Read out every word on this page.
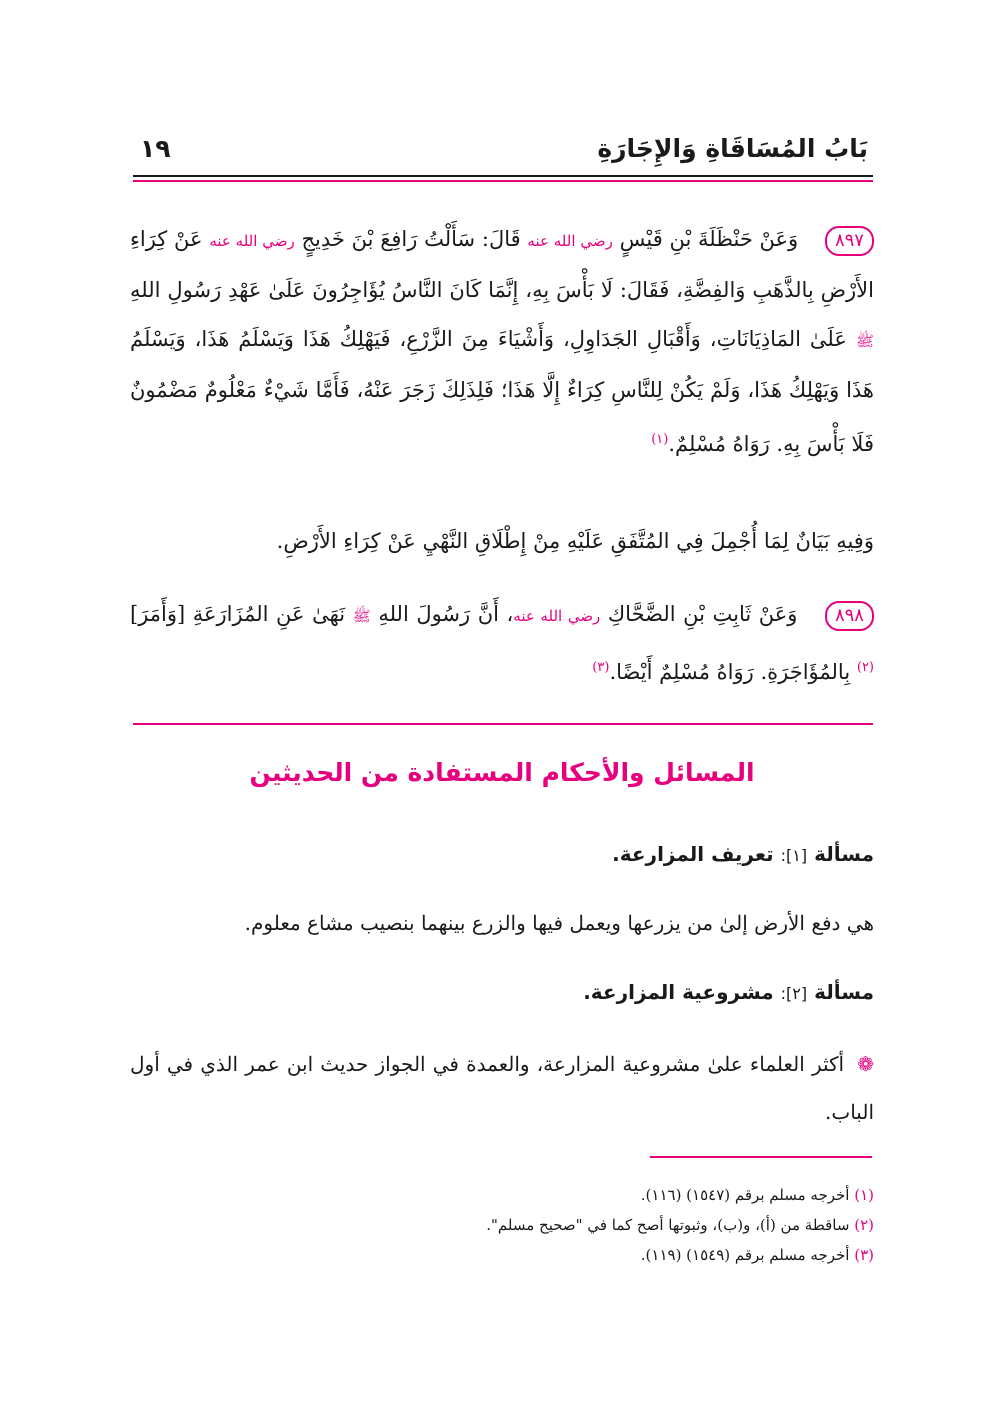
بَابُ المُسَاقَاةِ وَالإِجَارَةِ
١٩
٨٩٧ وَعَنْ حَنْظَلَةَ بْنِ قَيْسٍ رضي الله عنه قَالَ: سَأَلْتُ رَافِعَ بْنَ خَدِيجٍ رضي الله عنه عَنْ كِرَاءِ الأَرْضِ بِالذَّهَبِ وَالفِضَّةِ، فَقَالَ: لَا بَأْسَ بِهِ، إِنَّمَا كَانَ النَّاسُ يُؤَاجِرُونَ عَلَىٰ عَهْدِ رَسُولِ اللهِ ﷺ عَلَىٰ المَاذِيَانَاتِ، وَأَقْبَالِ الجَدَاوِلِ، وَأَشْيَاءَ مِنَ الزَّرْعِ، فَيَهْلِكُ هَذَا وَيَسْلَمُ هَذَا، وَيَسْلَمُ هَذَا وَيَهْلِكُ هَذَا، وَلَمْ يَكُنْ لِلنَّاسِ كِرَاءٌ إِلَّا هَذَا؛ فَلِذَلِكَ زَجَرَ عَنْهُ، فَأَمَّا شَيْءٌ مَعْلُومٌ مَضْمُونٌ فَلَا بَأْسَ بِهِ. رَوَاهُ مُسْلِمٌ.$^{(١)}$
وَفِيهِ بَيَانٌ لِمَا أُجْمِلَ فِي المُتَّفَقِ عَلَيْهِ مِنْ إِطْلَاقِ النَّهْيِ عَنْ كِرَاءِ الأَرْضِ.
٨٩٨ وَعَنْ ثَابِتِ بْنِ الضَّحَّاكِ رضي الله عنه، أَنَّ رَسُولَ اللهِ ﷺ نَهَىٰ عَنِ المُزَارَعَةِ [وَأَمَرَ]$^{(٢)}$ بِالمُؤَاجَرَةِ. رَوَاهُ مُسْلِمٌ أَيْضًا.$^{(٣)}$
المسائل والأحكام المستفادة من الحديثين
مسألة [١]: تعريف المزارعة.
هي دفع الأرض إلىٰ من يزرعها ويعمل فيها والزرع بينهما بنصيب مشاع معلوم.
مسألة [٢]: مشروعية المزارعة.
❁ أكثر العلماء علىٰ مشروعية المزارعة، والعمدة في الجواز حديث ابن عمر الذي في أول الباب.
(١) أخرجه مسلم برقم (١٥٤٧) (١١٦).
(٢) ساقطة من (أ)، و(ب)، وثبوتها أصح كما في "صحيح مسلم".
(٣) أخرجه مسلم برقم (١٥٤٩) (١١٩).
